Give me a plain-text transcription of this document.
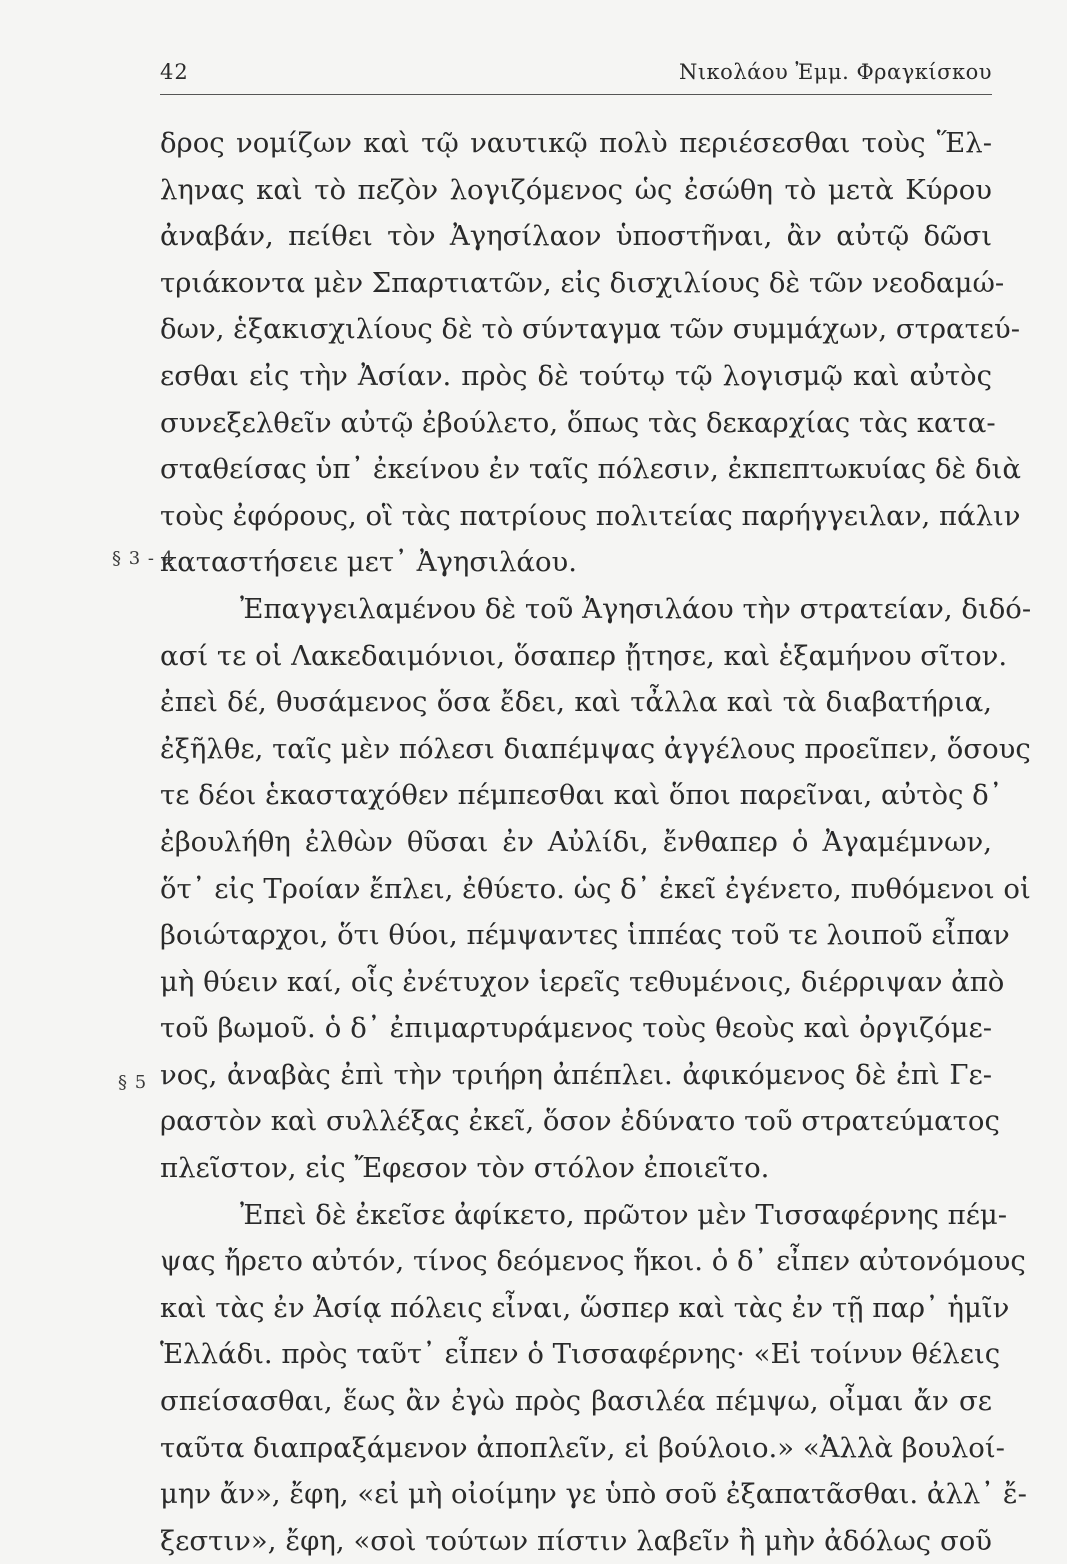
42	Νικολάου Ἐμμ. Φραγκίσκου
§ 3 - 4
§ 5
δρος νομίζων καὶ τῷ ναυτικῷ πολὺ περιέσεσθαι τοὺς Ἕλ-
ληνας καὶ τὸ πεζὸν λογιζόμενος ὡς ἐσώθη τὸ μετὰ Κύρου
ἀναβάν, πείθει τὸν Ἀγησίλαον ὑποστῆναι, ἂν αὐτῷ δῶσι
τριάκοντα μὲν Σπαρτιατῶν, εἰς δισχιλίους δὲ τῶν νεοδαμώ-
δων, ἑξακισχιλίους δὲ τὸ σύνταγμα τῶν συμμάχων, στρατεύ-
εσθαι εἰς τὴν Ἀσίαν. πρὸς δὲ τούτῳ τῷ λογισμῷ καὶ αὐτὸς
συνεξελθεῖν αὐτῷ ἐβούλετο, ὅπως τὰς δεκαρχίας τὰς κατα-
σταθείσας ὑπ᾿ ἐκείνου ἐν ταῖς πόλεσιν, ἐκπεπτωκυίας δὲ διὰ
τοὺς ἐφόρους, οἳ τὰς πατρίους πολιτείας παρήγγειλαν, πάλιν
καταστήσειε μετ᾿ Ἀγησιλάου.
Ἐπαγγειλαμένου δὲ τοῦ Ἀγησιλάου τὴν στρατείαν, διδό-
ασί τε οἱ Λακεδαιμόνιοι, ὅσαπερ ᾔτησε, καὶ ἑξαμήνου σῖτον.
ἐπεὶ δέ, θυσάμενος ὅσα ἔδει, καὶ τἆλλα καὶ τὰ διαβατήρια,
ἐξῆλθε, ταῖς μὲν πόλεσι διαπέμψας ἀγγέλους προεῖπεν, ὅσους
τε δέοι ἑκασταχόθεν πέμπεσθαι καὶ ὅποι παρεῖναι, αὐτὸς δ᾿
ἐβουλήθη ἐλθὼν θῦσαι ἐν Αὐλίδι, ἔνθαπερ ὁ Ἀγαμέμνων,
ὅτ᾿ εἰς Τροίαν ἔπλει, ἐθύετο. ὡς δ᾿ ἐκεῖ ἐγένετο, πυθόμενοι οἱ
βοιώταρχοι, ὅτι θύοι, πέμψαντες ἱππέας τοῦ τε λοιποῦ εἶπαν
μὴ θύειν καί, οἷς ἐνέτυχον ἱερεῖς τεθυμένοις, διέρριψαν ἀπὸ
τοῦ βωμοῦ. ὁ δ᾿ ἐπιμαρτυράμενος τοὺς θεοὺς καὶ ὀργιζόμε-
νος, ἀναβὰς ἐπὶ τὴν τριήρη ἀπέπλει. ἀφικόμενος δὲ ἐπὶ Γε-
ραστὸν καὶ συλλέξας ἐκεῖ, ὅσον ἐδύνατο τοῦ στρατεύματος
πλεῖστον, εἰς Ἔφεσον τὸν στόλον ἐποιεῖτο.
Ἐπεὶ δὲ ἐκεῖσε ἀφίκετο, πρῶτον μὲν Τισσαφέρνης πέμ-
ψας ἤρετο αὐτόν, τίνος δεόμενος ἥκοι. ὁ δ᾿ εἶπεν αὐτονόμους
καὶ τὰς ἐν Ἀσίᾳ πόλεις εἶναι, ὥσπερ καὶ τὰς ἐν τῇ παρ᾿ ἡμῖν
Ἑλλάδι. πρὸς ταῦτ᾿ εἶπεν ὁ Τισσαφέρνης· «Εἰ τοίνυν θέλεις
σπείσασθαι, ἕως ἂν ἐγὼ πρὸς βασιλέα πέμψω, οἶμαι ἄν σε
ταῦτα διαπραξάμενον ἀποπλεῖν, εἰ βούλοιο.» «Ἀλλὰ βουλοί-
μην ἄν», ἔφη, «εἰ μὴ οἰοίμην γε ὑπὸ σοῦ ἐξαπατᾶσθαι. ἀλλ᾿ ἔ-
ξεστιν», ἔφη, «σοὶ τούτων πίστιν λαβεῖν ἢ μὴν ἀδόλως σοῦ
